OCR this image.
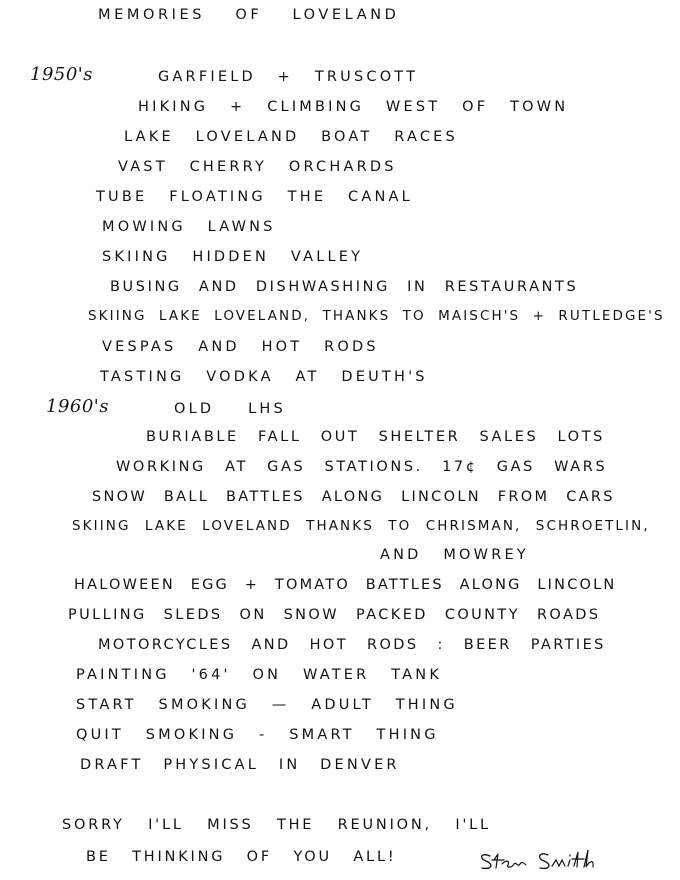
MEMORIES OF LOVELAND
1950's	GARFIELD + TRUSCOTT
HIKING + CLIMBING WEST OF TOWN
LAKE LOVELAND BOAT RACES
VAST CHERRY ORCHARDS
TUBE FLOATING THE CANAL
MOWING LAWNS
SKIING HIDDEN VALLEY
BUSING AND DISHWASHING IN RESTAURANTS
SKIING LAKE LOVELAND, THANKS TO MAISCH'S + RUTLEDGE'S
VESPAS AND HOT RODS
TASTING VODKA AT DEUTH'S
1960's	OLD LHS
BURIABLE FALL OUT SHELTER SALES LOTS
WORKING AT GAS STATIONS. 17¢ GAS WARS
SNOW BALL BATTLES ALONG LINCOLN FROM CARS
SKIING LAKE LOVELAND THANKS TO CHRISMAN, SCHROETLIN,
AND MOWREY
HALOWEEN EGG + TOMATO BATTLES ALONG LINCOLN
PULLING SLEDS ON SNOW PACKED COUNTY ROADS
MOTORCYCLES AND HOT RODS : BEER PARTIES
PAINTING '64' ON WATER TANK
START SMOKING — ADULT THING
QUIT SMOKING - SMART THING
DRAFT PHYSICAL IN DENVER
SORRY I'LL MISS THE REUNION, I'LL
BE THINKING OF YOU ALL!
